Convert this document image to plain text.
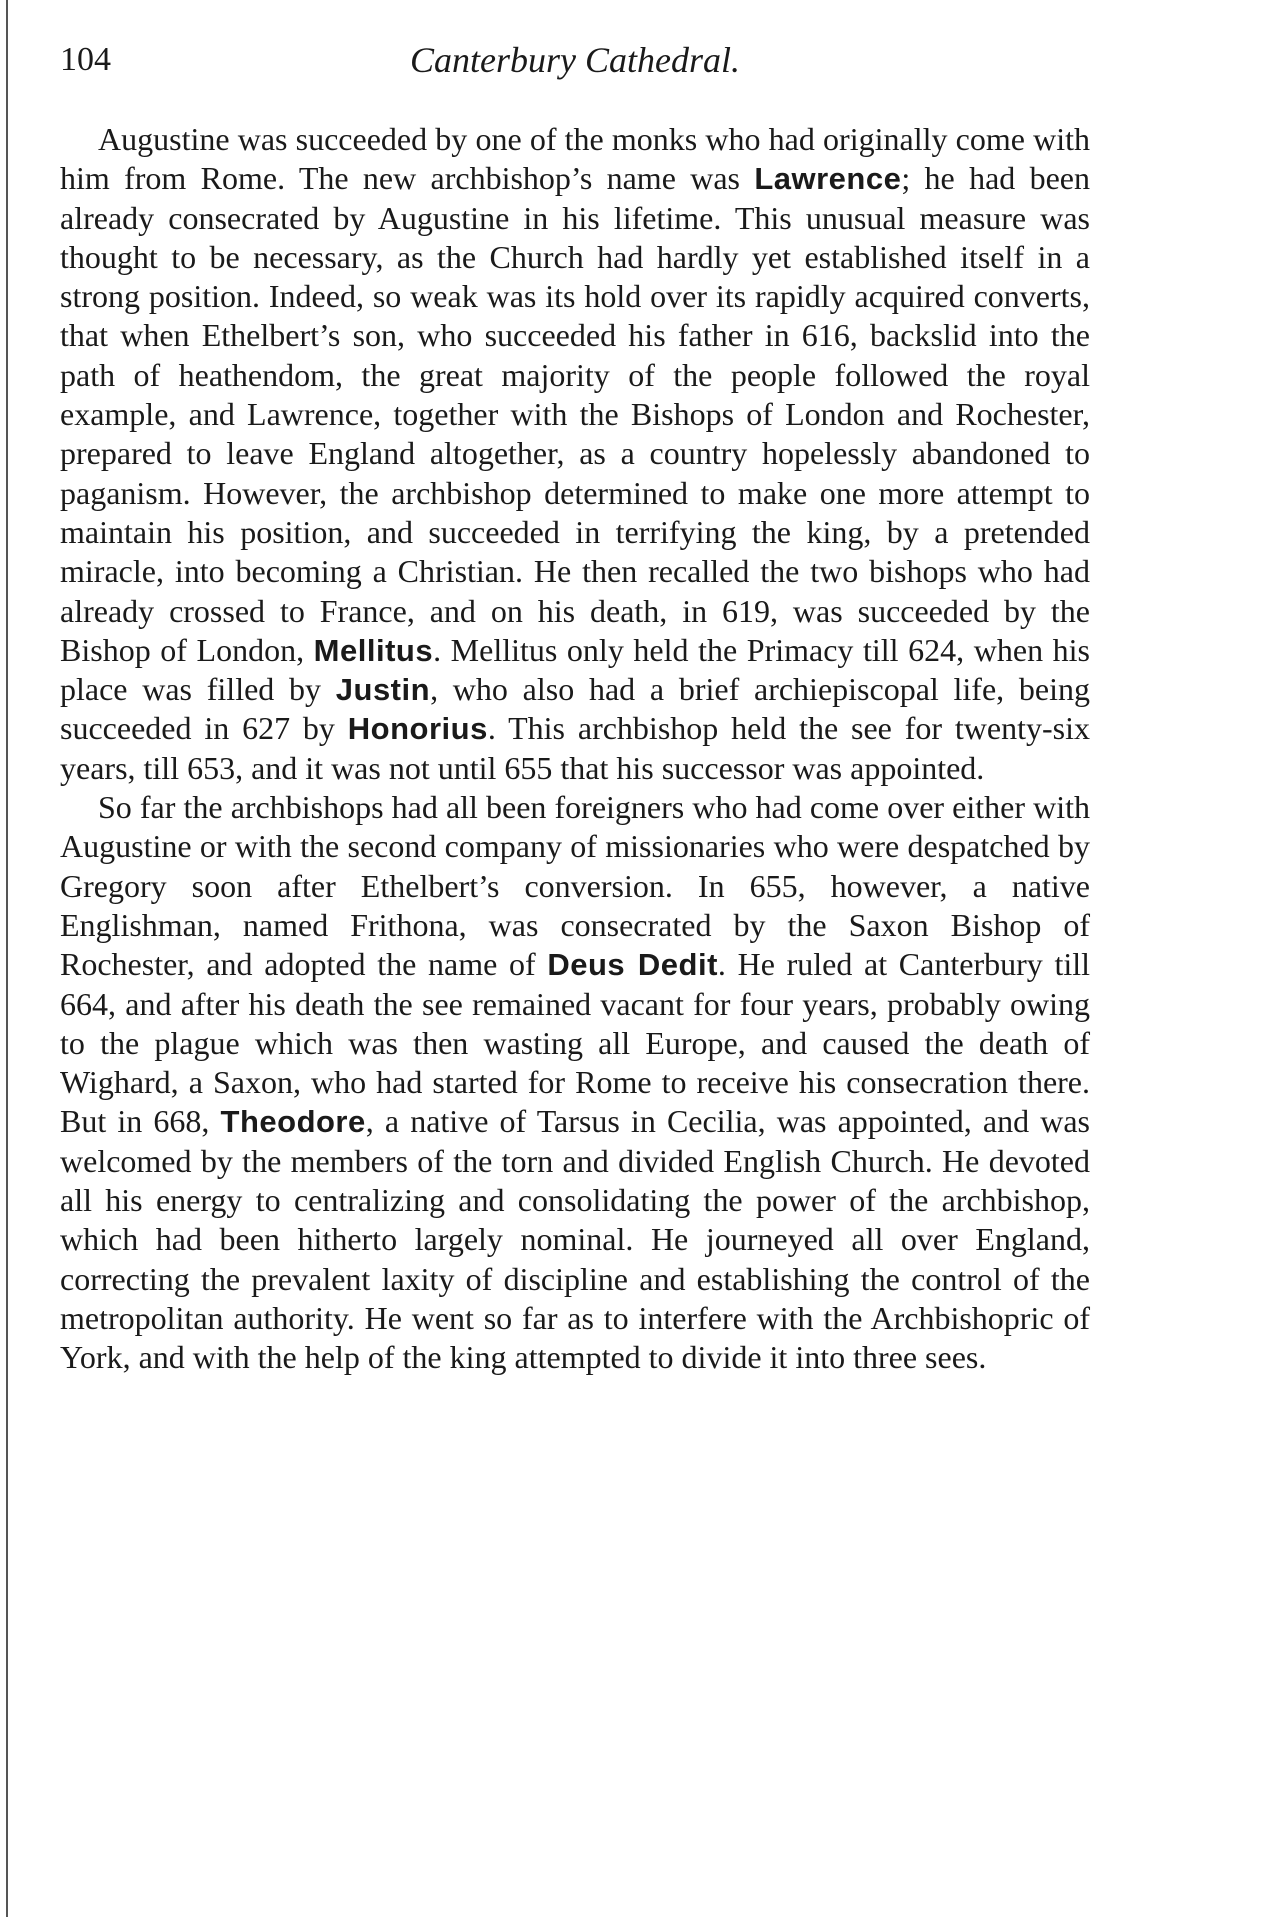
104	Canterbury Cathedral.

Augustine was succeeded by one of the monks who had originally come with him from Rome. The new archbishop’s name was Lawrence; he had been already consecrated by Augustine in his lifetime. This unusual measure was thought to be necessary, as the Church had hardly yet established itself in a strong position. Indeed, so weak was its hold over its rapidly acquired converts, that when Ethelbert’s son, who succeeded his father in 616, backslid into the path of heathendom, the great majority of the people followed the royal example, and Lawrence, together with the Bishops of London and Rochester, prepared to leave England altogether, as a country hopelessly abandoned to paganism. However, the archbishop determined to make one more attempt to maintain his position, and succeeded in terrifying the king, by a pretended miracle, into becoming a Christian. He then recalled the two bishops who had already crossed to France, and on his death, in 619, was succeeded by the Bishop of London, Mellitus. Mellitus only held the Primacy till 624, when his place was filled by Justin, who also had a brief archiepiscopal life, being succeeded in 627 by Honorius. This archbishop held the see for twenty-six years, till 653, and it was not until 655 that his successor was appointed.

So far the archbishops had all been foreigners who had come over either with Augustine or with the second company of missionaries who were despatched by Gregory soon after Ethelbert’s conversion. In 655, however, a native Englishman, named Frithona, was consecrated by the Saxon Bishop of Rochester, and adopted the name of Deus Dedit. He ruled at Canterbury till 664, and after his death the see remained vacant for four years, probably owing to the plague which was then wasting all Europe, and caused the death of Wighard, a Saxon, who had started for Rome to receive his consecration there. But in 668, Theodore, a native of Tarsus in Cecilia, was appointed, and was welcomed by the members of the torn and divided English Church. He devoted all his energy to centralizing and consolidating the power of the archbishop, which had been hitherto largely nominal. He journeyed all over England, correcting the prevalent laxity of discipline and establishing the control of the metropolitan authority. He went so far as to interfere with the Archbishopric of York, and with the help of the king attempted to divide it into three sees.
